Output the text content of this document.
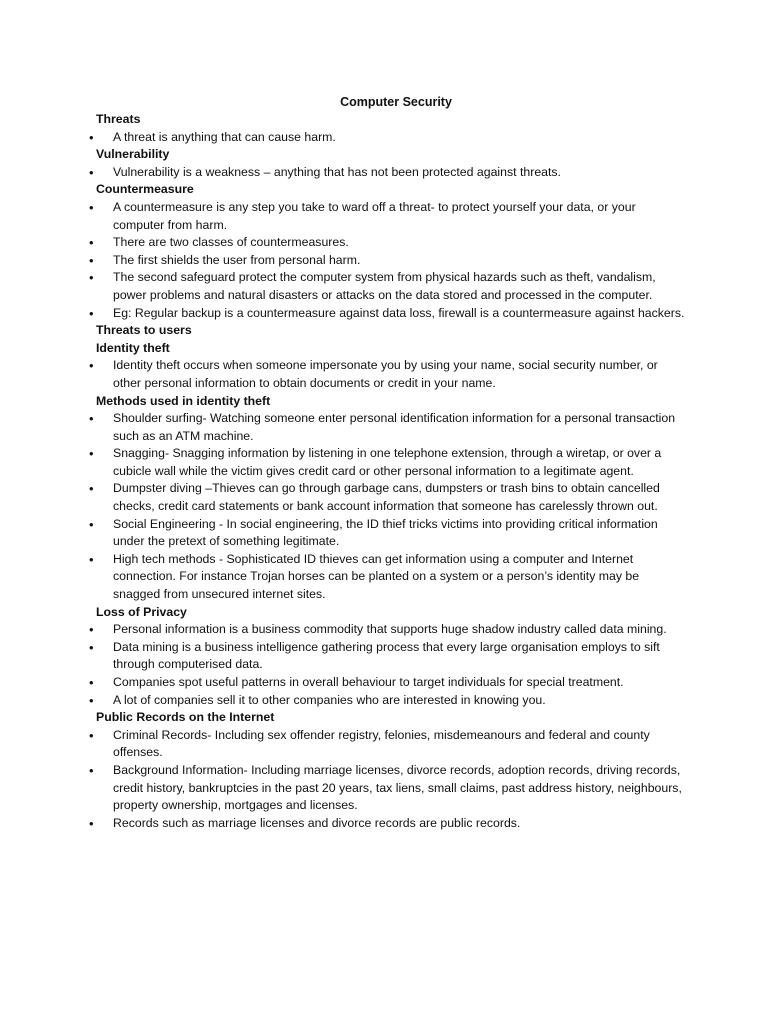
Computer Security
Threats
• A threat is anything that can cause harm.
Vulnerability
• Vulnerability is a weakness – anything that has not been protected against threats.
Countermeasure
• A countermeasure is any step you take to ward off a threat- to protect yourself your data, or your computer from harm.
• There are two classes of countermeasures.
• The first shields the user from personal harm.
• The second safeguard protect the computer system from physical hazards such as theft, vandalism, power problems and natural disasters or attacks on the data stored and processed in the computer.
• Eg: Regular backup is a countermeasure against data loss, firewall is a countermeasure against hackers.
Threats to users
Identity theft
• Identity theft occurs when someone impersonate you by using your name, social security number, or other personal information to obtain documents or credit in your name.
Methods used in identity theft
• Shoulder surfing- Watching someone enter personal identification information for a personal transaction such as an ATM machine.
• Snagging- Snagging information by listening in one telephone extension, through a wiretap, or over a cubicle wall while the victim gives credit card or other personal information to a legitimate agent.
• Dumpster diving –Thieves can go through garbage cans, dumpsters or trash bins to obtain cancelled checks, credit card statements or bank account information that someone has carelessly thrown out.
• Social Engineering - In social engineering, the ID thief tricks victims into providing critical information under the pretext of something legitimate.
• High tech methods - Sophisticated ID thieves can get information using a computer and Internet connection. For instance Trojan horses can be planted on a system or a person’s identity may be snagged from unsecured internet sites.
Loss of Privacy
• Personal information is a business commodity that supports huge shadow industry called data mining.
• Data mining is a business intelligence gathering process that every large organisation employs to sift through computerised data.
• Companies spot useful patterns in overall behaviour to target individuals for special treatment.
• A lot of companies sell it to other companies who are interested in knowing you.
Public Records on the Internet
• Criminal Records- Including sex offender registry, felonies, misdemeanours and federal and county offenses.
• Background Information- Including marriage licenses, divorce records, adoption records, driving records, credit history, bankruptcies in the past 20 years, tax liens, small claims, past address history, neighbours, property ownership, mortgages and licenses.
• Records such as marriage licenses and divorce records are public records.
